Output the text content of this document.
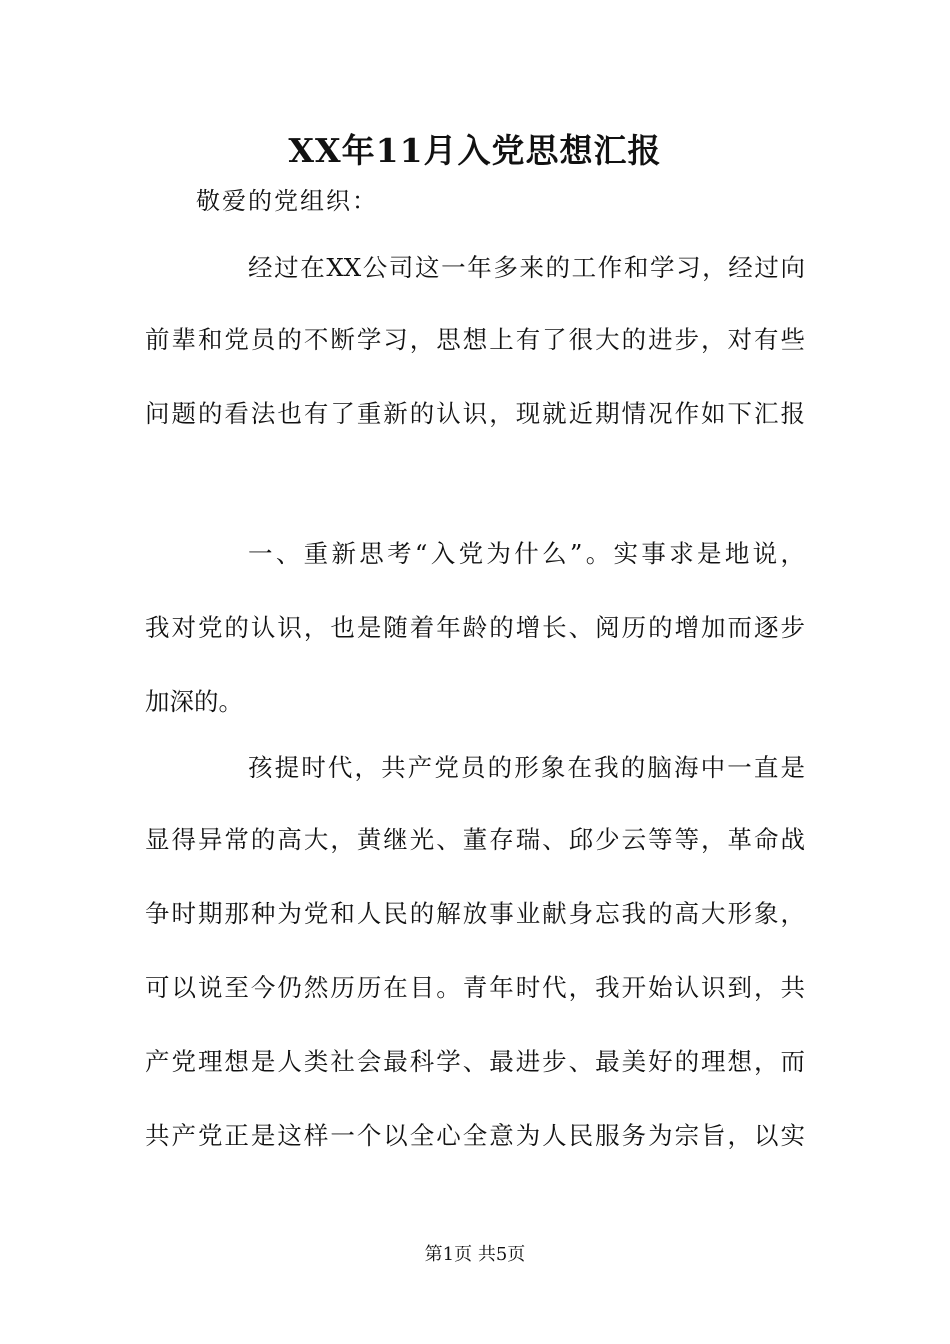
XX年11月入党思想汇报
敬爱的党组织：
经过在XX公司这一年多来的工作和学习，经过向
前辈和党员的不断学习，思想上有了很大的进步，对有些
问题的看法也有了重新的认识，现就近期情况作如下汇报
一、重新思考“入党为什么”。实事求是地说，
我对党的认识，也是随着年龄的增长、阅历的增加而逐步
加深的。
孩提时代，共产党员的形象在我的脑海中一直是
显得异常的高大，黄继光、董存瑞、邱少云等等，革命战
争时期那种为党和人民的解放事业献身忘我的高大形象，
可以说至今仍然历历在目。青年时代，我开始认识到，共
产党理想是人类社会最科学、最进步、最美好的理想，而
共产党正是这样一个以全心全意为人民服务为宗旨，以实
第1页 共5页
